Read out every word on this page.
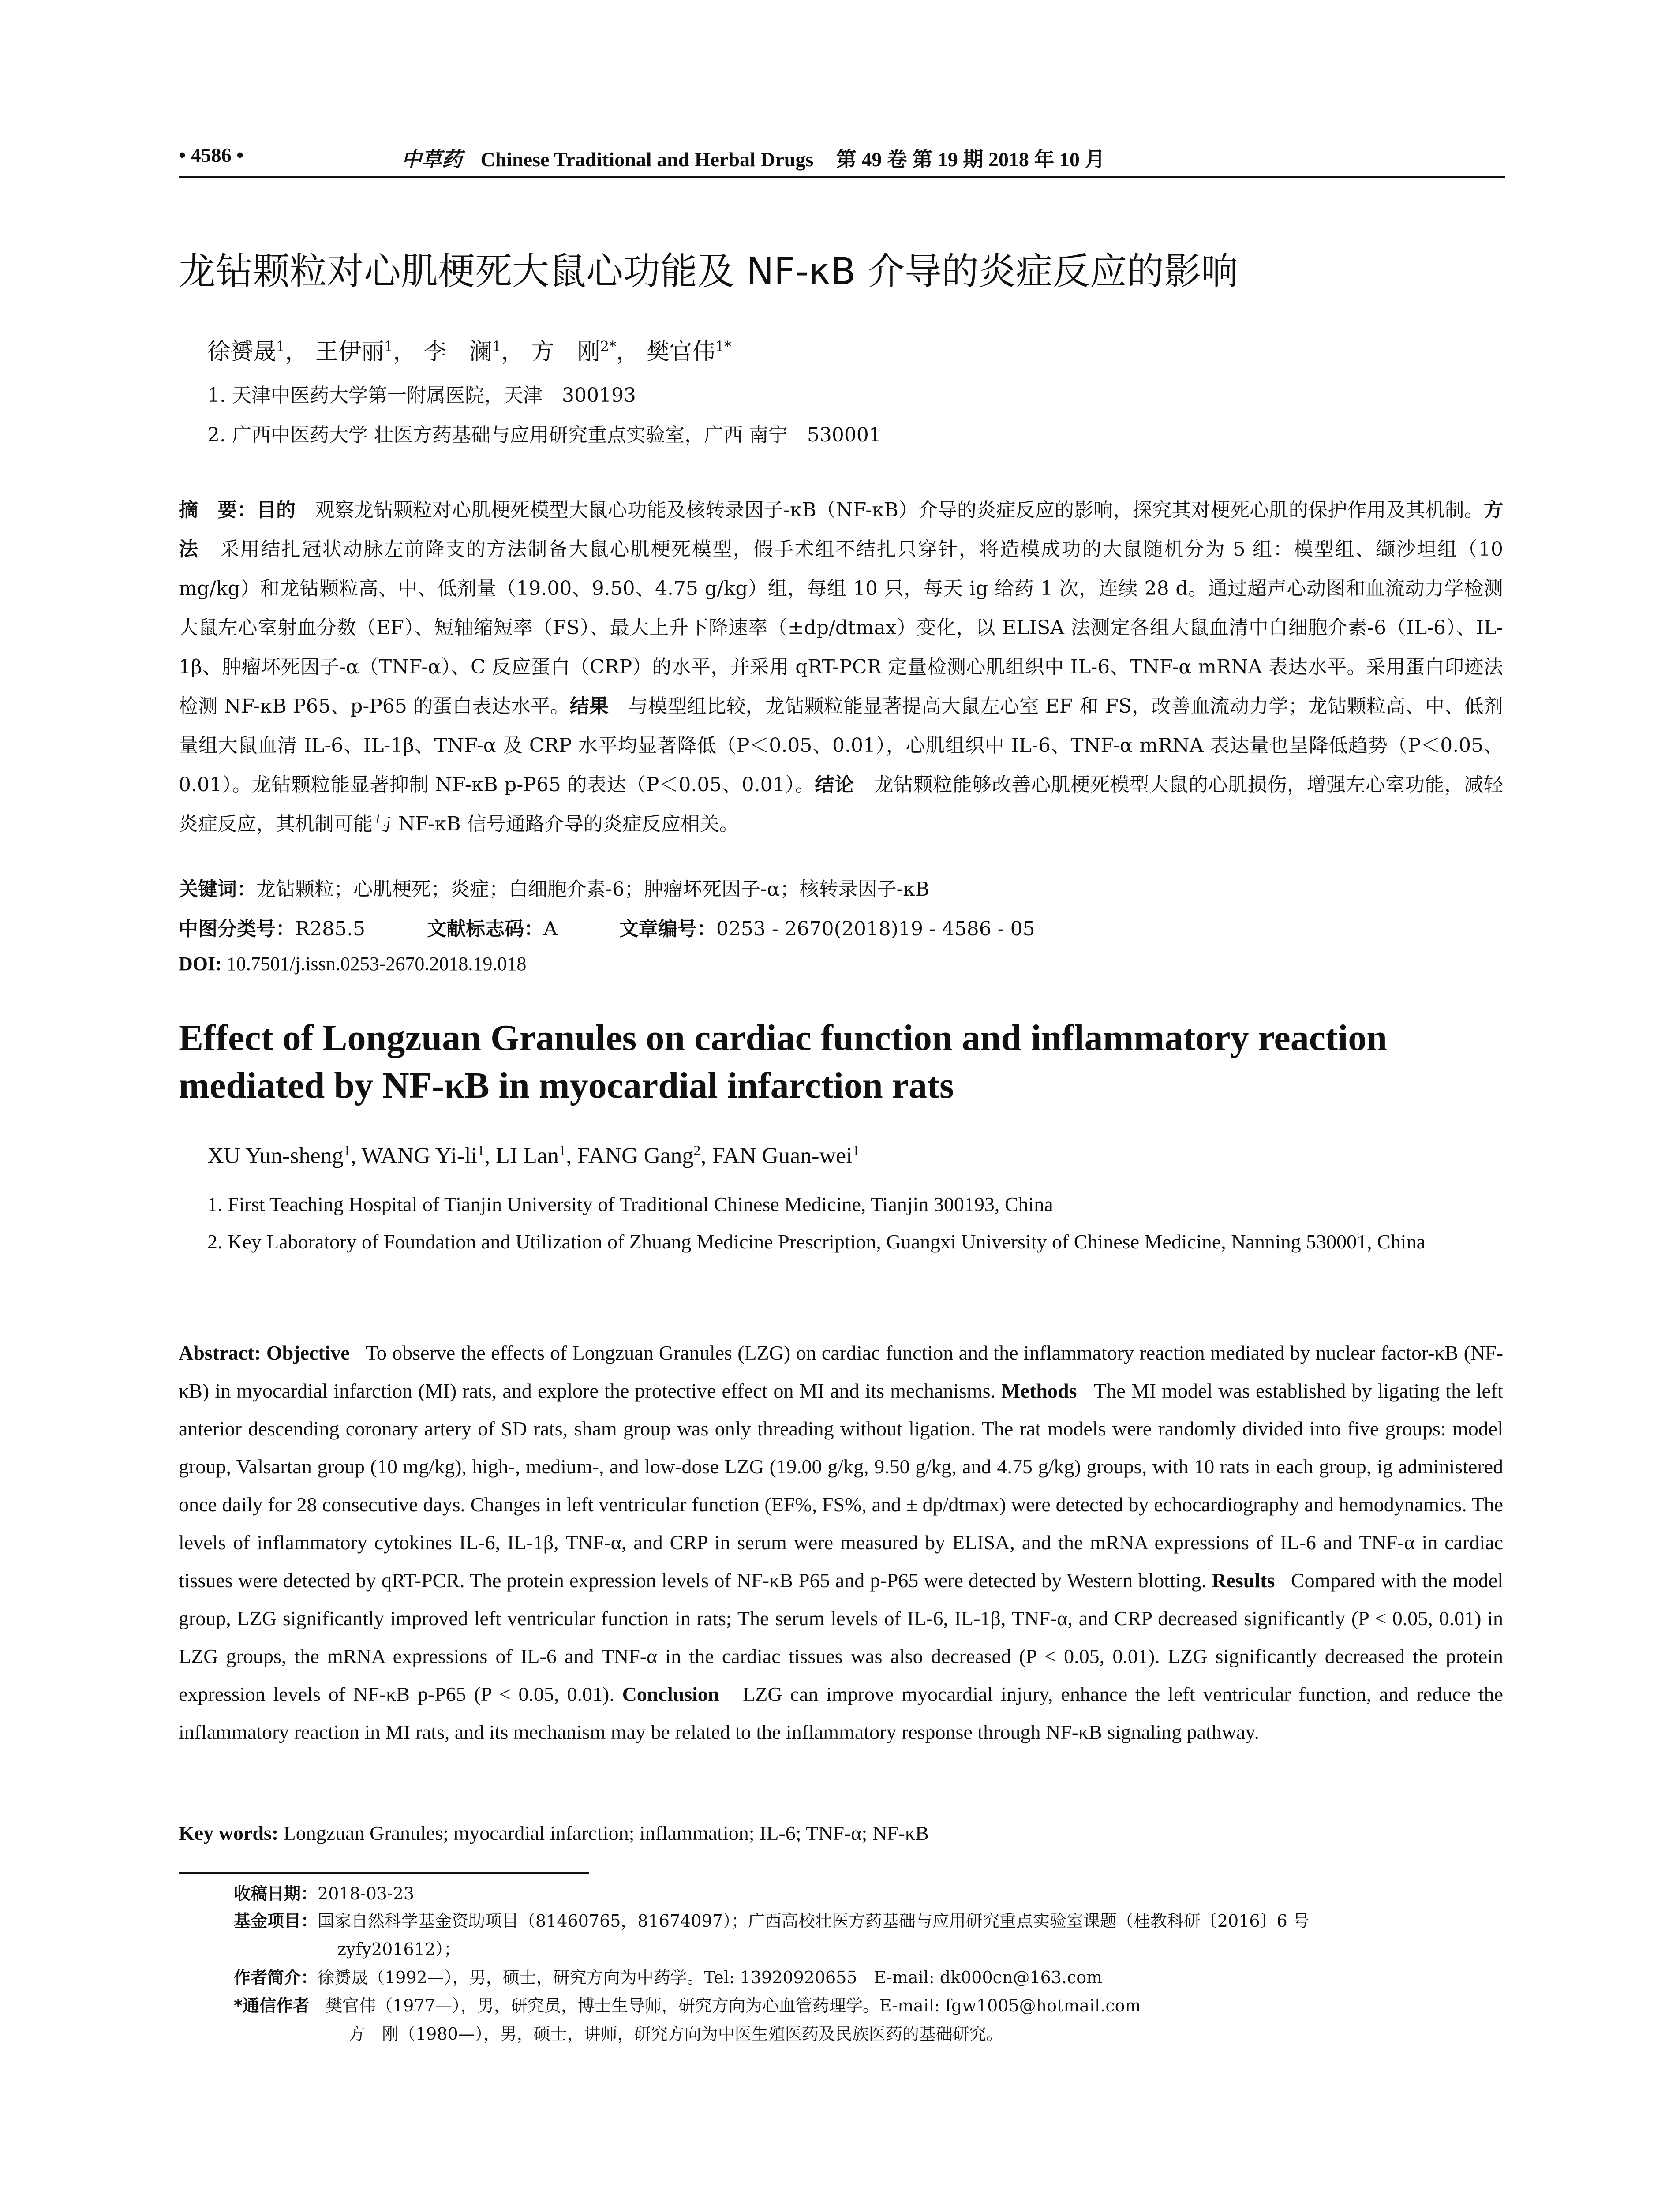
• 4586 •	中草药 Chinese Traditional and Herbal Drugs 第 49 卷 第 19 期 2018 年 10 月
龙钻颗粒对心肌梗死大鼠心功能及 NF-κB 介导的炎症反应的影响
徐赟晟$^1$， 王伊丽$^1$， 李　澜$^1$， 方　刚$^{2*}$， 樊官伟$^{1*}$
1. 天津中医药大学第一附属医院，天津　300193
2. 广西中医药大学 壮医方药基础与应用研究重点实验室，广西 南宁　530001
摘　要：目的　 观察龙钻颗粒对心肌梗死模型大鼠心功能及核转录因子-κB（NF-κB）介导的炎症反应的影响，探究其对梗死心肌的保护作用及其机制。方法　 采用结扎冠状动脉左前降支的方法制备大鼠心肌梗死模型，假手术组不结扎只穿针，将造模成功的大鼠随机分为 5 组：模型组、缬沙坦组（10 mg/kg）和龙钻颗粒高、中、低剂量（19.00、9.50、4.75 g/kg）组，每组 10 只，每天 ig 给药 1 次，连续 28 d。通过超声心动图和血流动力学检测大鼠左心室射血分数（EF）、短轴缩短率（FS）、最大上升下降速率（±dp/dtmax）变化，以 ELISA 法测定各组大鼠血清中白细胞介素-6（IL-6）、IL-1β、肿瘤坏死因子-α（TNF-α）、C 反应蛋白（CRP）的水平，并采用 qRT-PCR 定量检测心肌组织中 IL-6、TNF-α mRNA 表达水平。采用蛋白印迹法检测 NF-κB P65、p-P65 的蛋白表达水平。结果　 与模型组比较，龙钻颗粒能显著提高大鼠左心室 EF 和 FS，改善血流动力学；龙钻颗粒高、中、低剂量组大鼠血清 IL-6、IL-1β、TNF-α 及 CRP 水平均显著降低（P＜0.05、0.01），心肌组织中 IL-6、TNF-α mRNA 表达量也呈降低趋势（P＜0.05、0.01）。龙钻颗粒能显著抑制 NF-κB p-P65 的表达（P＜0.05、0.01）。结论　 龙钻颗粒能够改善心肌梗死模型大鼠的心肌损伤，增强左心室功能，减轻炎症反应，其机制可能与 NF-κB 信号通路介导的炎症反应相关。
关键词：龙钻颗粒；心肌梗死；炎症；白细胞介素-6；肿瘤坏死因子-α；核转录因子-κB
中图分类号：R285.5	文献标志码：A	文章编号：0253 - 2670(2018)19 - 4586 - 05
DOI: 10.7501/j.issn.0253-2670.2018.19.018
Effect of Longzuan Granules on cardiac function and inflammatory reaction mediated by NF-κB in myocardial infarction rats
XU Yun-sheng$^1$, WANG $Yi-li^1$, LI Lan$^1$, FANG Gang$^2$, FAN Guan-wei$^1$
1. First Teaching Hospital of Tianjin University of Traditional Chinese Medicine, Tianjin 300193, China
2. Key Laboratory of Foundation and Utilization of Zhuang Medicine Prescription, Guangxi University of Chinese Medicine, Nanning 530001, China
Abstract: Objective To observe the effects of Longzuan Granules (LZG) on cardiac function and the inflammatory reaction mediated by nuclear factor-κB (NF-κB) in myocardial infarction (MI) rats, and explore the protective effect on MI and its mechanisms. Methods The MI model was established by ligating the left anterior descending coronary artery of SD rats, sham group was only threading without ligation. The rat models were randomly divided into five groups: model group, Valsartan group (10 mg/kg), high-, medium-, and low-dose LZG (19.00 g/kg, 9.50 g/kg, and 4.75 g/kg) groups, with 10 rats in each group, ig administered once daily for 28 consecutive days. Changes in left ventricular function (EF%, FS%, and ± dp/dtmax) were detected by echocardiography and hemodynamics. The levels of inflammatory cytokines IL-6, IL-1β, TNF-α, and CRP in serum were measured by ELISA, and the mRNA expressions of IL-6 and TNF-α in cardiac tissues were detected by qRT-PCR. The protein expression levels of NF-κB P65 and p-P65 were detected by Western blotting. Results Compared with the model group, LZG significantly improved left ventricular function in rats; The serum levels of IL-6, IL-1β, TNF-α, and CRP decreased significantly (P < 0.05, 0.01) in LZG groups, the mRNA expressions of IL-6 and TNF-α in the cardiac tissues was also decreased (P < 0.05, 0.01). LZG significantly decreased the protein expression levels of NF-κB p-P65 (P < 0.05, 0.01). Conclusion LZG can improve myocardial injury, enhance the left ventricular function, and reduce the inflammatory reaction in MI rats, and its mechanism may be related to the inflammatory response through NF-κB signaling pathway.
Key words: Longzuan Granules; myocardial infarction; inflammation; IL-6; TNF-α; NF-κB
收稿日期：2018-03-23
基金项目：国家自然科学基金资助项目（81460765，81674097）；广西高校壮医方药基础与应用研究重点实验室课题（桂教科研〔2016〕6 号
zyfy201612）；
作者简介：徐赟晟（1992—），男，硕士，研究方向为中药学。Tel: 13920920655　E-mail: dk000cn@163.com
*通信作者 樊官伟（1977—），男，研究员，博士生导师，研究方向为心血管药理学。E-mail: fgw1005@hotmail.com
方　刚（1980—），男，硕士，讲师，研究方向为中医生殖医药及民族医药的基础研究。
